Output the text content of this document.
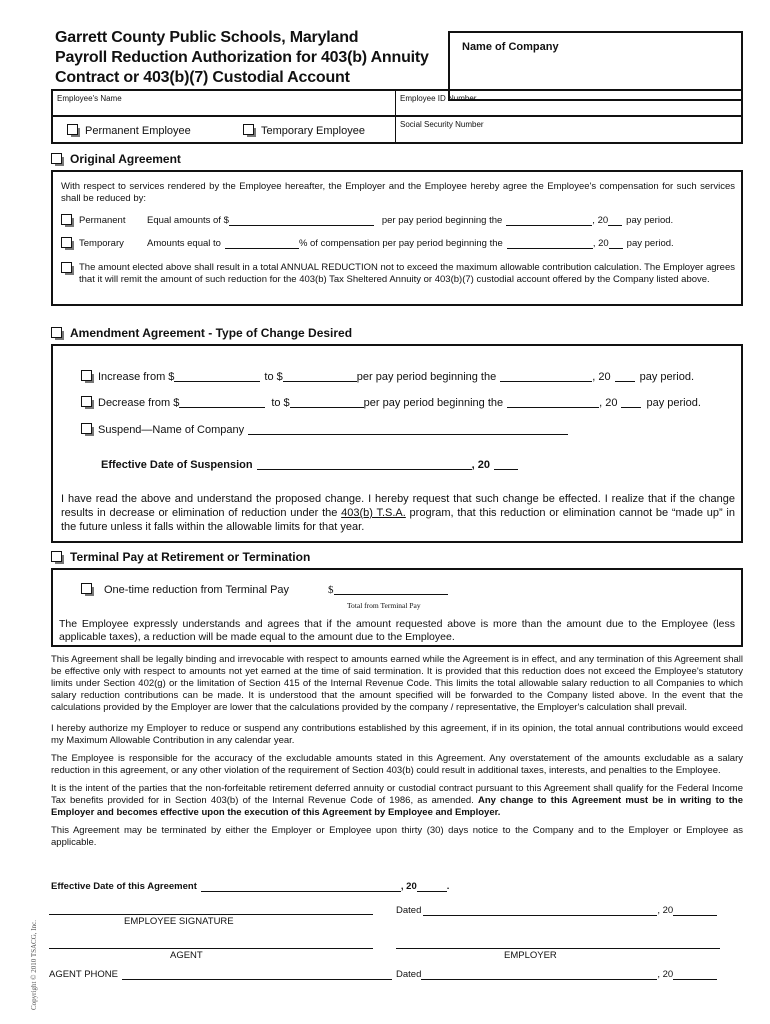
Garrett County Public Schools, Maryland
Payroll Reduction Authorization for 403(b) Annuity
Contract or 403(b)(7) Custodial Account
Name of Company
Employee's Name	Employee ID Number
Social Security Number
Permanent Employee	Temporary Employee
Original Agreement
With respect to services rendered by the Employee hereafter, the Employer and the Employee hereby agree the Employee's compensation for such services shall be reduced by:
Permanent	Equal amounts of $	per pay period beginning the	, 20 pay period.
Temporary	Amounts equal to	% of compensation per pay period beginning the	, 20 pay period.
The amount elected above shall result in a total ANNUAL REDUCTION not to exceed the maximum allowable contribution calculation. The Employer agrees that it will remit the amount of such reduction for the 403(b) Tax Sheltered Annuity or 403(b)(7) custodial account offered by the Company listed above.
Amendment Agreement - Type of Change Desired
Increase from $	to $	per pay period beginning the	, 20	pay period.
Decrease from $	to $	per pay period beginning the	, 20	pay period.
Suspend—Name of Company
Effective Date of Suspension	, 20
I have read the above and understand the proposed change. I hereby request that such change be effected. I realize that if the change results in decrease or elimination of reduction under the 403(b) T.S.A. program, that this reduction or elimination cannot be “made up” in the future unless it falls within the allowable limits for that year.
Terminal Pay at Retirement or Termination
One-time reduction from Terminal Pay	$
Total from Terminal Pay
The Employee expressly understands and agrees that if the amount requested above is more than the amount due to the Employee (less applicable taxes), a reduction will be made equal to the amount due to the Employee.

This Agreement shall be legally binding and irrevocable with respect to amounts earned while the Agreement is in effect, and any termination of this Agreement shall be effective only with respect to amounts not yet earned at the time of said termination. It is provided that this reduction does not exceed the Employee's statutory limits under Section 402(g) or the limitation of Section 415 of the Internal Revenue Code. This limits the total allowable salary reduction to all Companies to which salary reduction contributions can be made. It is understood that the amount specified will be forwarded to the Company listed above. In the event that the calculations provided by the Employer are lower that the calculations provided by the company / representative, the Employer's calculation shall prevail.

I hereby authorize my Employer to reduce or suspend any contributions established by this agreement, if in its opinion, the total annual contributions would exceed my Maximum Allowable Contribution in any calendar year.

The Employee is responsible for the accuracy of the excludable amounts stated in this Agreement. Any overstatement of the amounts excludable as a salary reduction in this agreement, or any other violation of the requirement of Section 403(b) could result in additional taxes, interests, and penalties to the Employee.

It is the intent of the parties that the non-forfeitable retirement deferred annuity or custodial contract pursuant to this Agreement shall qualify for the Federal Income Tax benefits provided for in Section 403(b) of the Internal Revenue Code of 1986, as amended. Any change to this Agreement must be in writing to the Employer and becomes effective upon the execution of this Agreement by Employee and Employer.

This Agreement may be terminated by either the Employer or Employee upon thirty (30) days notice to the Company and to the Employer or Employee as applicable.

Effective Date of this Agreement	, 20	.
EMPLOYEE SIGNATURE
Dated	, 20
AGENT	EMPLOYER
AGENT PHONE	Dated	, 20
Copyright © 2010 TSACG, Inc.
